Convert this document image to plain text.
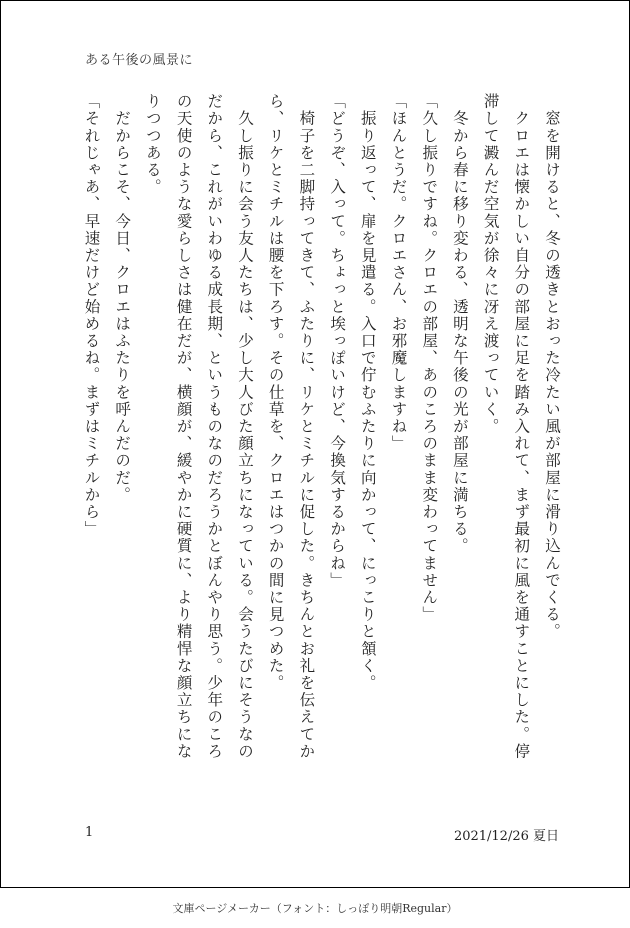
ある午後の風景に

　窓を開けると、冬の透きとおった冷たい風が部屋に滑り込んでくる。

　クロエは懐かしい自分の部屋に足を踏み入れて、まず最初に風を通すことにした。停

滞して澱んだ空気が徐々に冴え渡っていく。

　冬から春に移り変わる、透明な午後の光が部屋に満ちる。

「久し振りですね。クロエの部屋、あのころのまま変わってません」

「ほんとうだ。クロエさん、お邪魔しますね」

　振り返って、扉を見遣る。入口で佇むふたりに向かって、にっこりと頷く。

「どうぞ、入って。ちょっと埃っぽいけど、今換気するからね」

　椅子を二脚持ってきて、ふたりに、リケとミチルに促した。きちんとお礼を伝えてか

ら、リケとミチルは腰を下ろす。その仕草を、クロエはつかの間に見つめた。

　久し振りに会う友人たちは、少し大人びた顔立ちになっている。会うたびにそうなの

だから、これがいわゆる成長期、というものなのだろうかとぼんやり思う。少年のころ

の天使のような愛らしさは健在だが、横顔が、緩やかに硬質に、より精悍な顔立ちにな

りつつある。

　だからこそ、今日、クロエはふたりを呼んだのだ。

「それじゃあ、早速だけど始めるね。まずはミチルから」

1	2021/12/26 夏日
文庫ページメーカー（フォント：しっぽり明朝Regular）
